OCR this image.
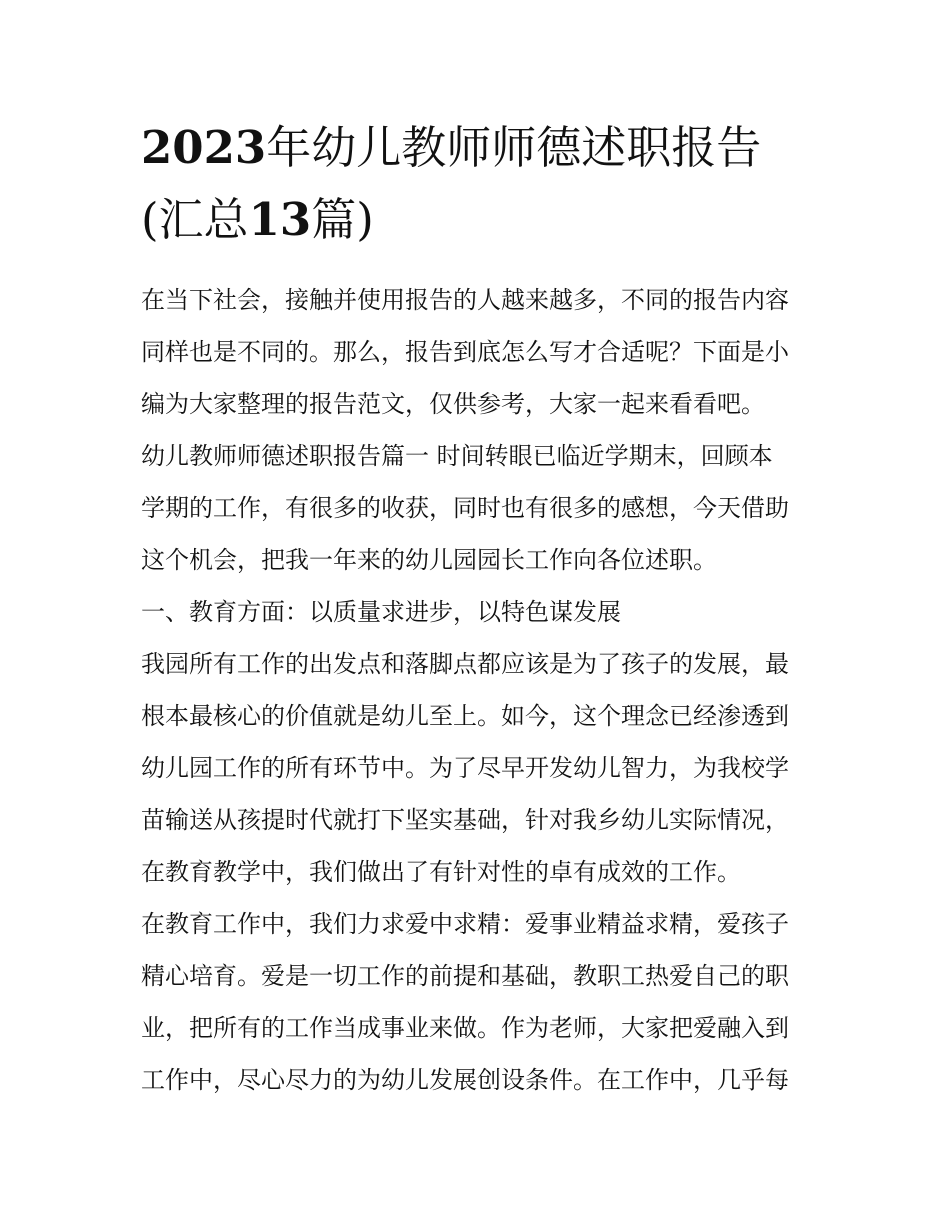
2023年幼儿教师师德述职报告
(汇总13篇)
在当下社会，接触并使用报告的人越来越多，不同的报告内容
同样也是不同的。那么，报告到底怎么写才合适呢？下面是小
编为大家整理的报告范文，仅供参考，大家一起来看看吧。
幼儿教师师德述职报告篇一 时间转眼已临近学期末，回顾本
学期的工作，有很多的收获，同时也有很多的感想，今天借助
这个机会，把我一年来的幼儿园园长工作向各位述职。
一、教育方面：以质量求进步，以特色谋发展
我园所有工作的出发点和落脚点都应该是为了孩子的发展，最
根本最核心的价值就是幼儿至上。如今，这个理念已经渗透到
幼儿园工作的所有环节中。为了尽早开发幼儿智力，为我校学
苗输送从孩提时代就打下坚实基础，针对我乡幼儿实际情况，
在教育教学中，我们做出了有针对性的卓有成效的工作。
在教育工作中，我们力求爱中求精：爱事业精益求精，爱孩子
精心培育。爱是一切工作的前提和基础，教职工热爱自己的职
业，把所有的工作当成事业来做。作为老师，大家把爱融入到
工作中，尽心尽力的为幼儿发展创设条件。在工作中，几乎每
